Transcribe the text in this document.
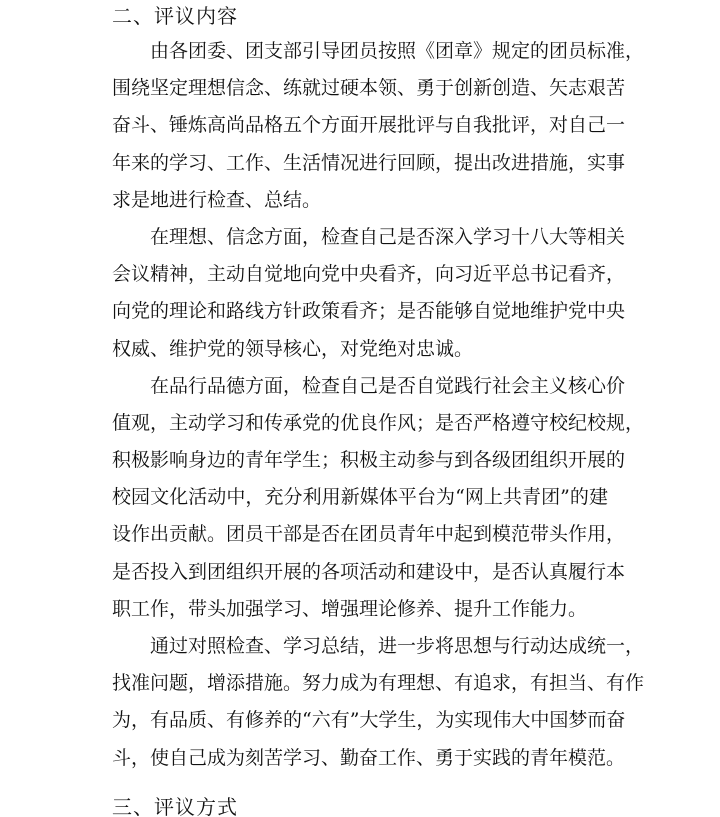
二、评议内容

由各团委、团支部引导团员按照《团章》规定的团员标准，
围绕坚定理想信念、练就过硬本领、勇于创新创造、矢志艰苦
奋斗、锤炼高尚品格五个方面开展批评与自我批评，对自己一
年来的学习、工作、生活情况进行回顾，提出改进措施，实事
求是地进行检查、总结。

在理想、信念方面，检查自己是否深入学习十八大等相关
会议精神，主动自觉地向党中央看齐，向习近平总书记看齐，
向党的理论和路线方针政策看齐；是否能够自觉地维护党中央
权威、维护党的领导核心，对党绝对忠诚。

在品行品德方面，检查自己是否自觉践行社会主义核心价
值观，主动学习和传承党的优良作风；是否严格遵守校纪校规，
积极影响身边的青年学生；积极主动参与到各级团组织开展的
校园文化活动中，充分利用新媒体平台为“网上共青团”的建
设作出贡献。团员干部是否在团员青年中起到模范带头作用，
是否投入到团组织开展的各项活动和建设中，是否认真履行本
职工作，带头加强学习、增强理论修养、提升工作能力。

通过对照检查、学习总结，进一步将思想与行动达成统一，
找准问题，增添措施。努力成为有理想、有追求，有担当、有作
为，有品质、有修养的“六有”大学生，为实现伟大中国梦而奋
斗，使自己成为刻苦学习、勤奋工作、勇于实践的青年模范。

三、评议方式
